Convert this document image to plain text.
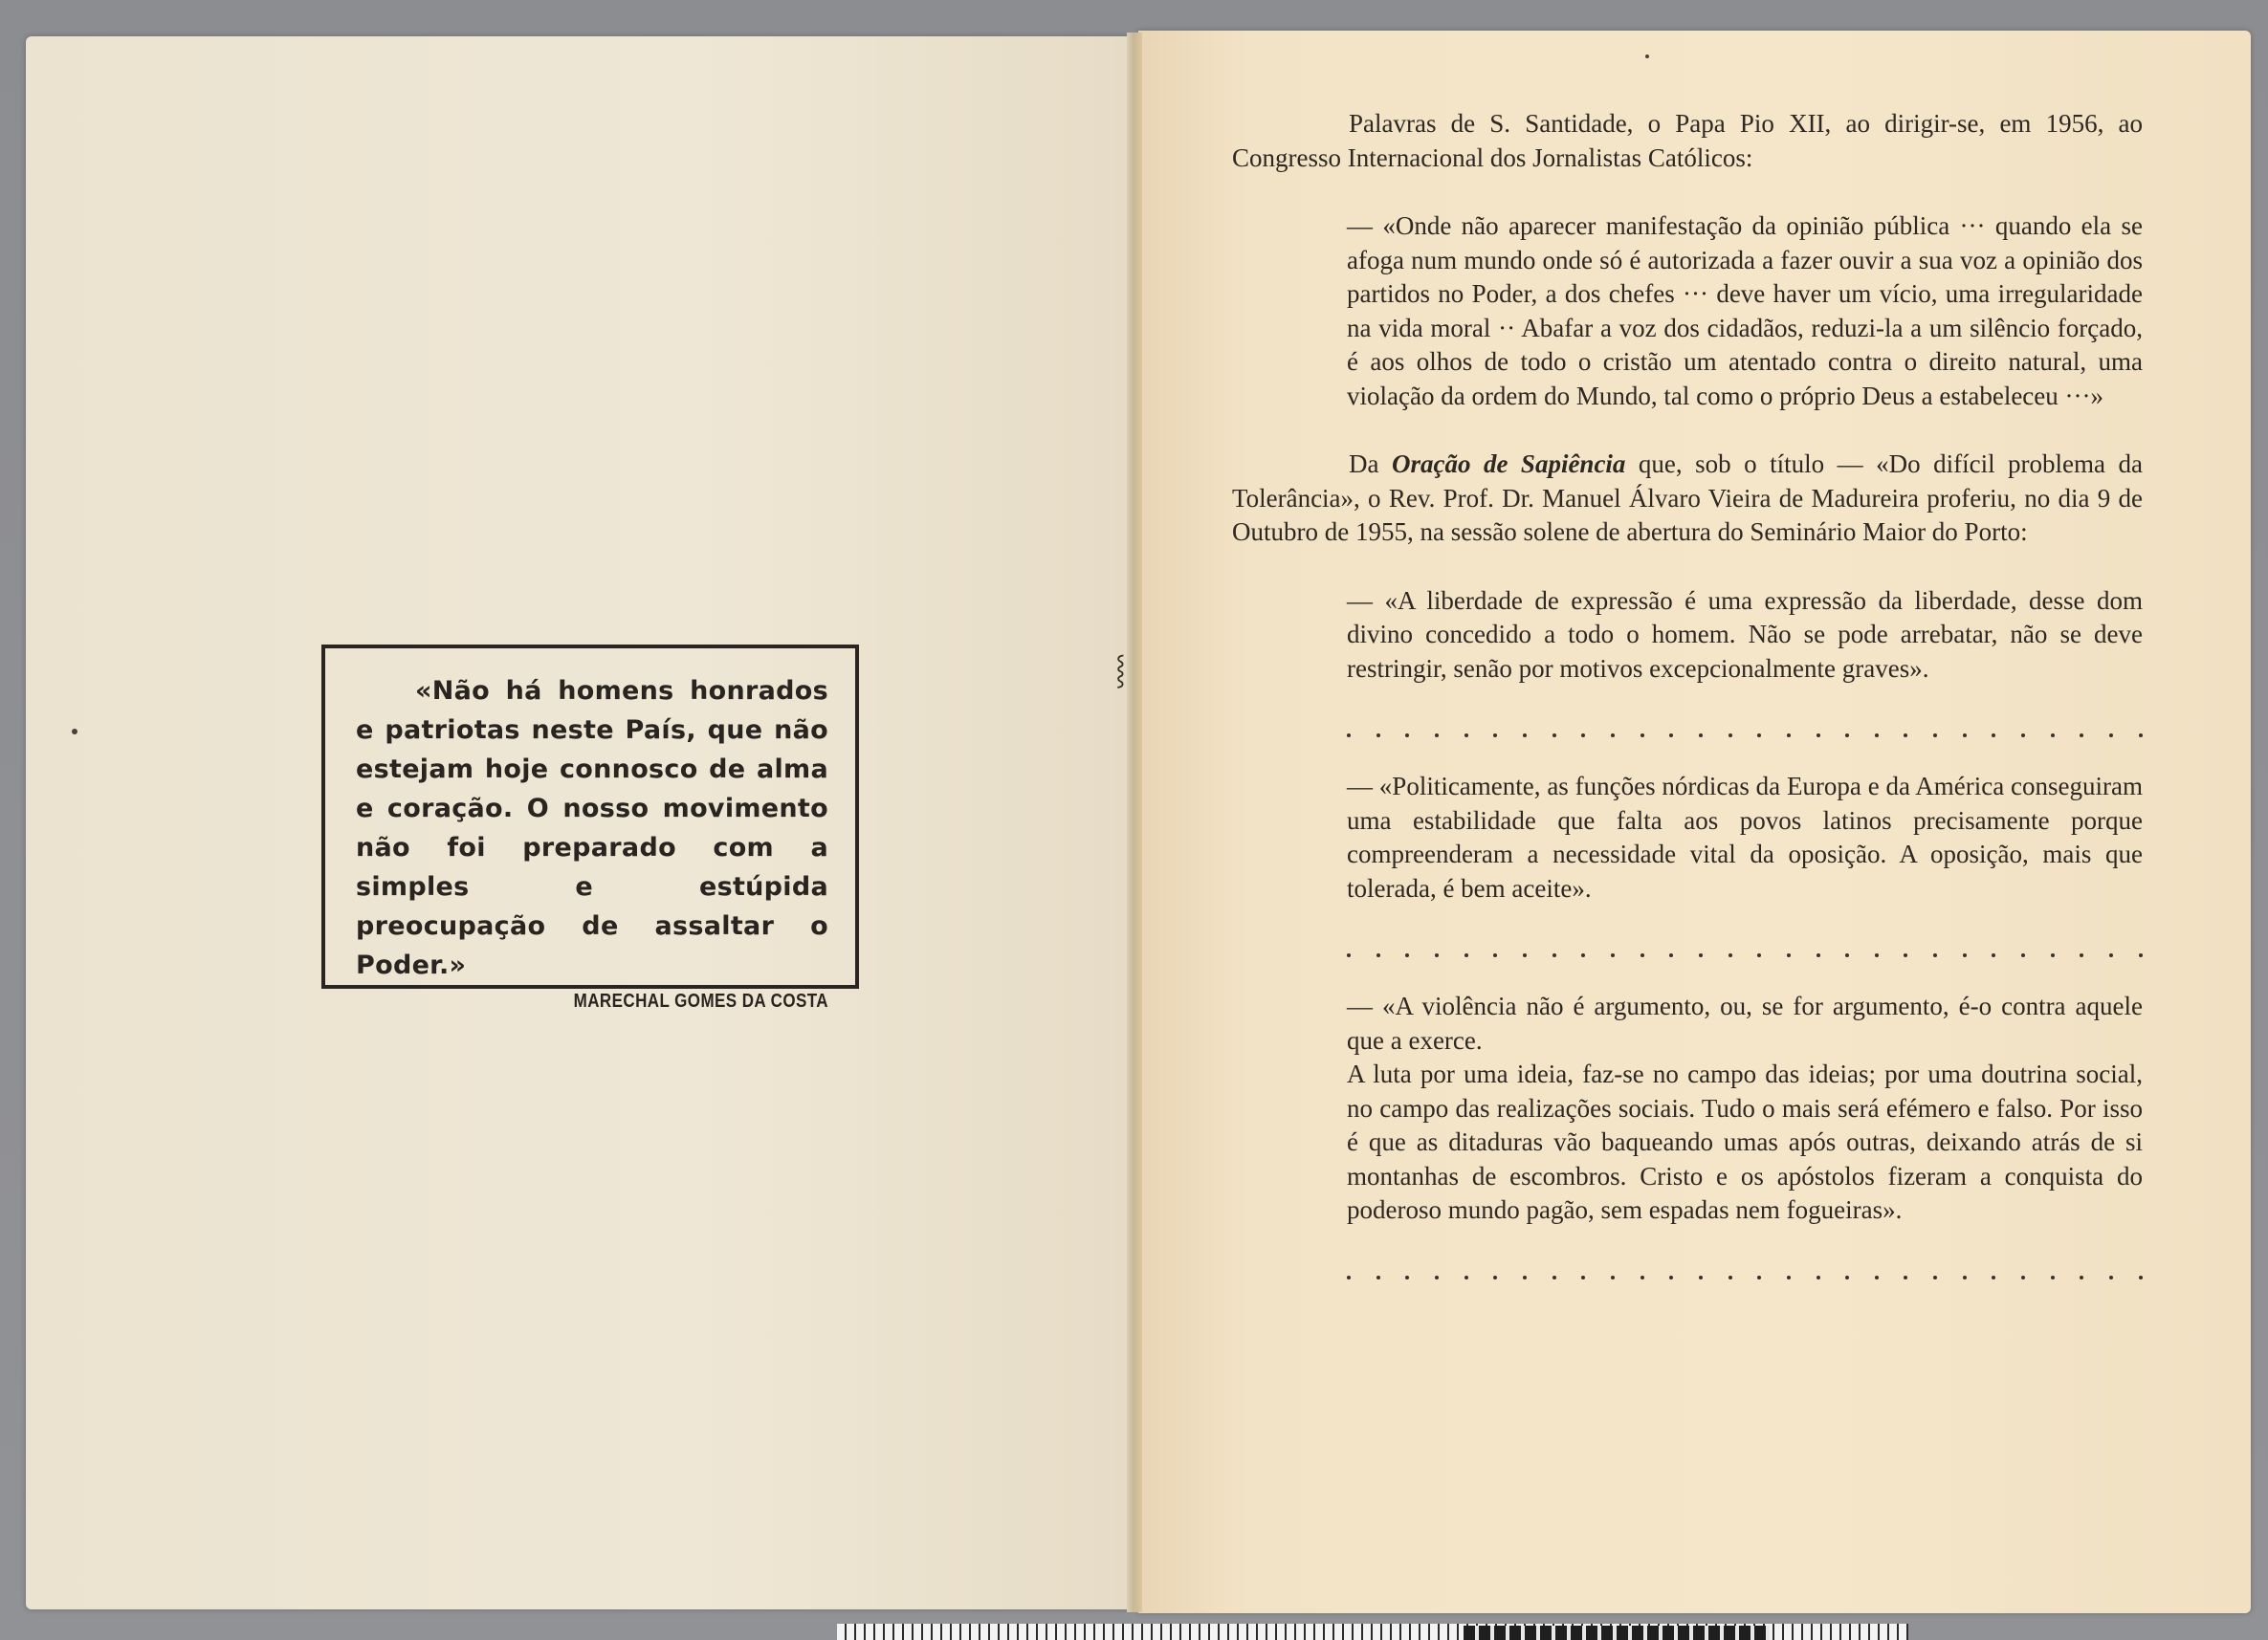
⸾
«Não há homens honrados e patriotas neste País, que não estejam hoje connosco de alma e coração. O nosso movimento não foi preparado com a simples e estúpida preocupação de assaltar o Poder.»
MARECHAL GOMES DA COSTA

Palavras de S. Santidade, o Papa Pio XII, ao dirigir-se, em 1956, ao Congresso Internacional dos Jornalistas Católicos:

— «Onde não aparecer manifestação da opinião pública ··· quando ela se afoga num mundo onde só é autorizada a fazer ouvir a sua voz a opinião dos partidos no Poder, a dos chefes ··· deve haver um vício, uma irregularidade na vida moral ·· Abafar a voz dos cidadãos, reduzi-la a um silêncio forçado, é aos olhos de todo o cristão um atentado contra o direito natural, uma violação da ordem do Mundo, tal como o próprio Deus a estabeleceu ···»

Da Oração de Sapiência que, sob o título — «Do difícil problema da Tolerância», o Rev. Prof. Dr. Manuel Álvaro Vieira de Madureira proferiu, no dia 9 de Outubro de 1955, na sessão solene de abertura do Seminário Maior do Porto:

— «A liberdade de expressão é uma expressão da liberdade, desse dom divino concedido a todo o homem. Não se pode arrebatar, não se deve restringir, senão por motivos excepcionalmente graves».

— «Politicamente, as funções nórdicas da Europa e da América conseguiram uma estabilidade que falta aos povos latinos precisamente porque compreenderam a necessidade vital da oposição. A oposição, mais que tolerada, é bem aceite».

— «A violência não é argumento, ou, se for argumento, é-o contra aquele que a exerce.

A luta por uma ideia, faz-se no campo das ideias; por uma doutrina social, no campo das realizações sociais. Tudo o mais será efémero e falso. Por isso é que as ditaduras vão baqueando umas após outras, deixando atrás de si montanhas de escombros. Cristo e os apóstolos fizeram a conquista do poderoso mundo pagão, sem espadas nem fogueiras».
